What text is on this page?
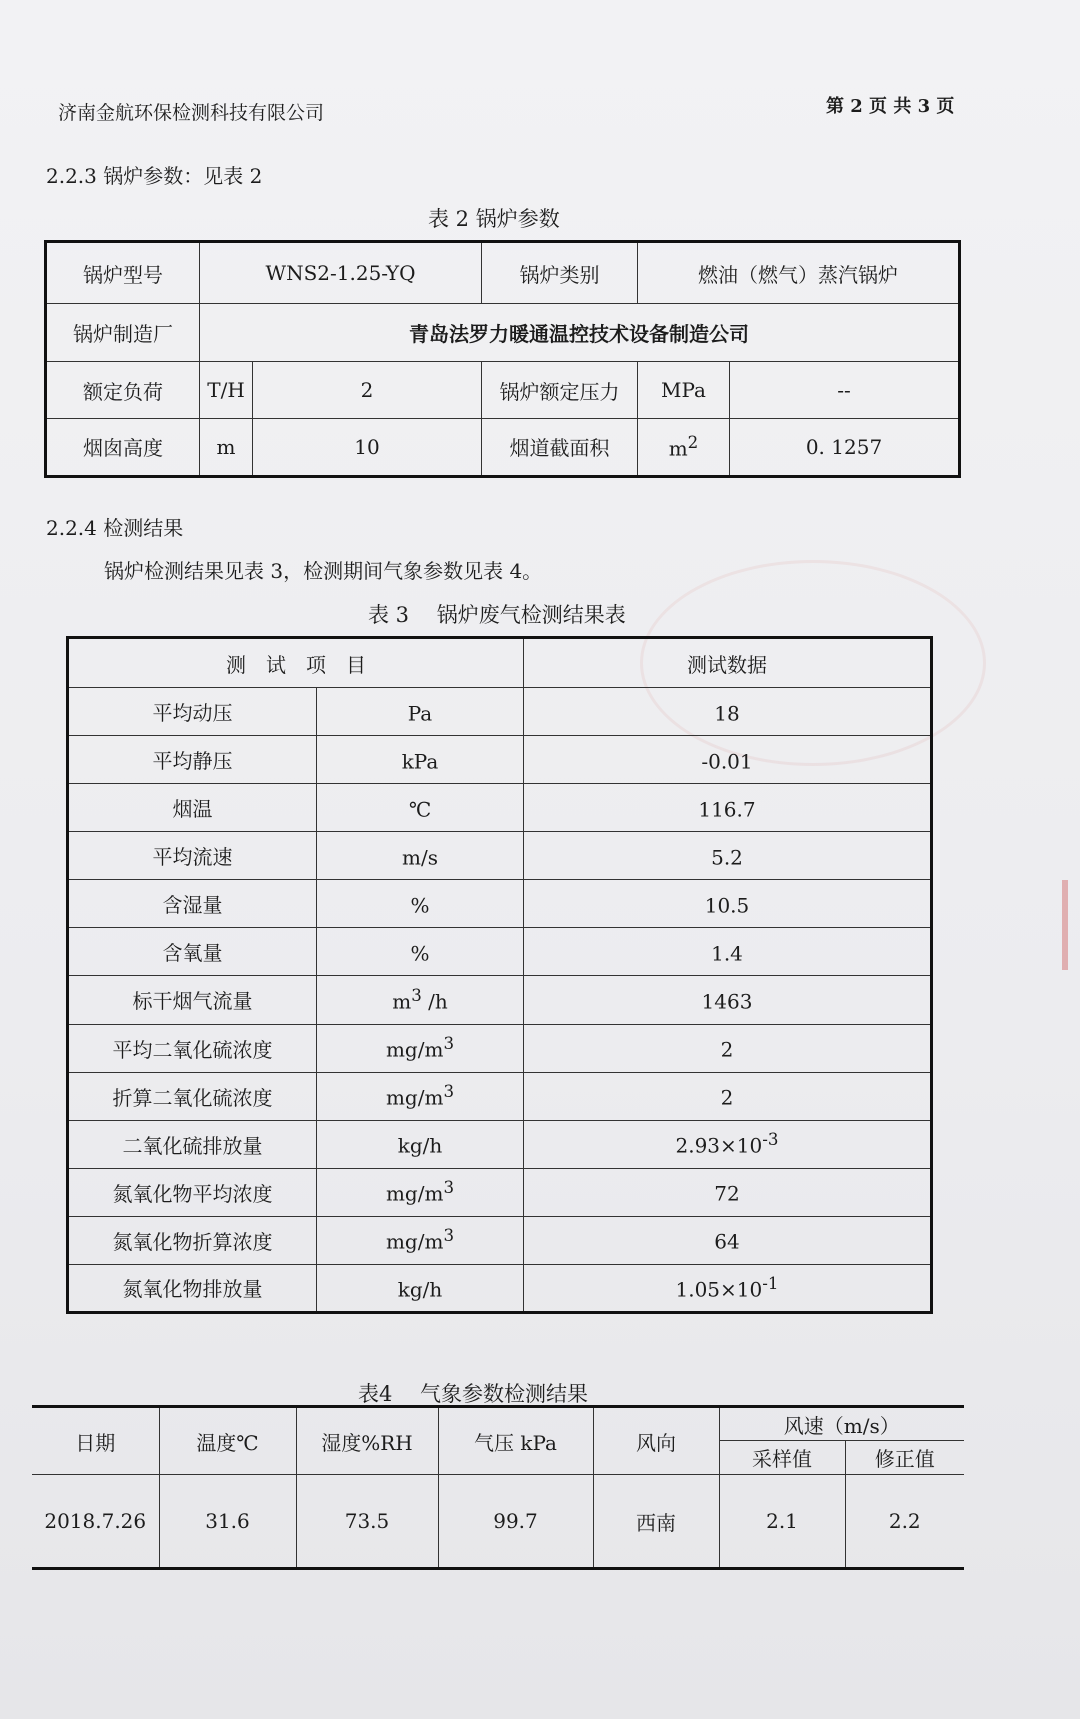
济南金航环保检测科技有限公司	第 2 页 共 3 页
2.2.3 锅炉参数：见表 2
表 2 锅炉参数
锅炉型号	WNS2-1.25-YQ		锅炉类别	燃油（燃气）蒸汽锅炉	
锅炉制造厂	青岛法罗力暖通温控技术设备制造公司				
额定负荷	T/H	2	锅炉额定压力	MPa	--
烟囱高度	m	10	烟道截面积	$m^2$	0. 1257
2.2.4 检测结果
锅炉检测结果见表 3，检测期间气象参数见表 4。
表 3　 锅炉废气检测结果表
测　试　项　目		测试数据
平均动压	Pa	18
平均静压	kPa	-0.01
烟温	℃	116.7
平均流速	m/s	5.2
含湿量	%	10.5
含氧量	%	1.4
标干烟气流量	$m^3$ /h	1463
平均二氧化硫浓度	$mg/m^3$	2
折算二氧化硫浓度	$mg/m^3$	2
二氧化硫排放量	kg/h	$2.93\times 10^{-3}$
氮氧化物平均浓度	$mg/m^3$	72
氮氧化物折算浓度	$mg/m^3$	64
氮氧化物排放量	kg/h	$1.05\times 10^{-1}$
表4　 气象参数检测结果
日期	温度℃	湿度%RH	气压 kPa	风向	风速（m/s）	
					采样值	修正值
2018.7.26	31.6	73.5	99.7	西南	2.1	2.2
